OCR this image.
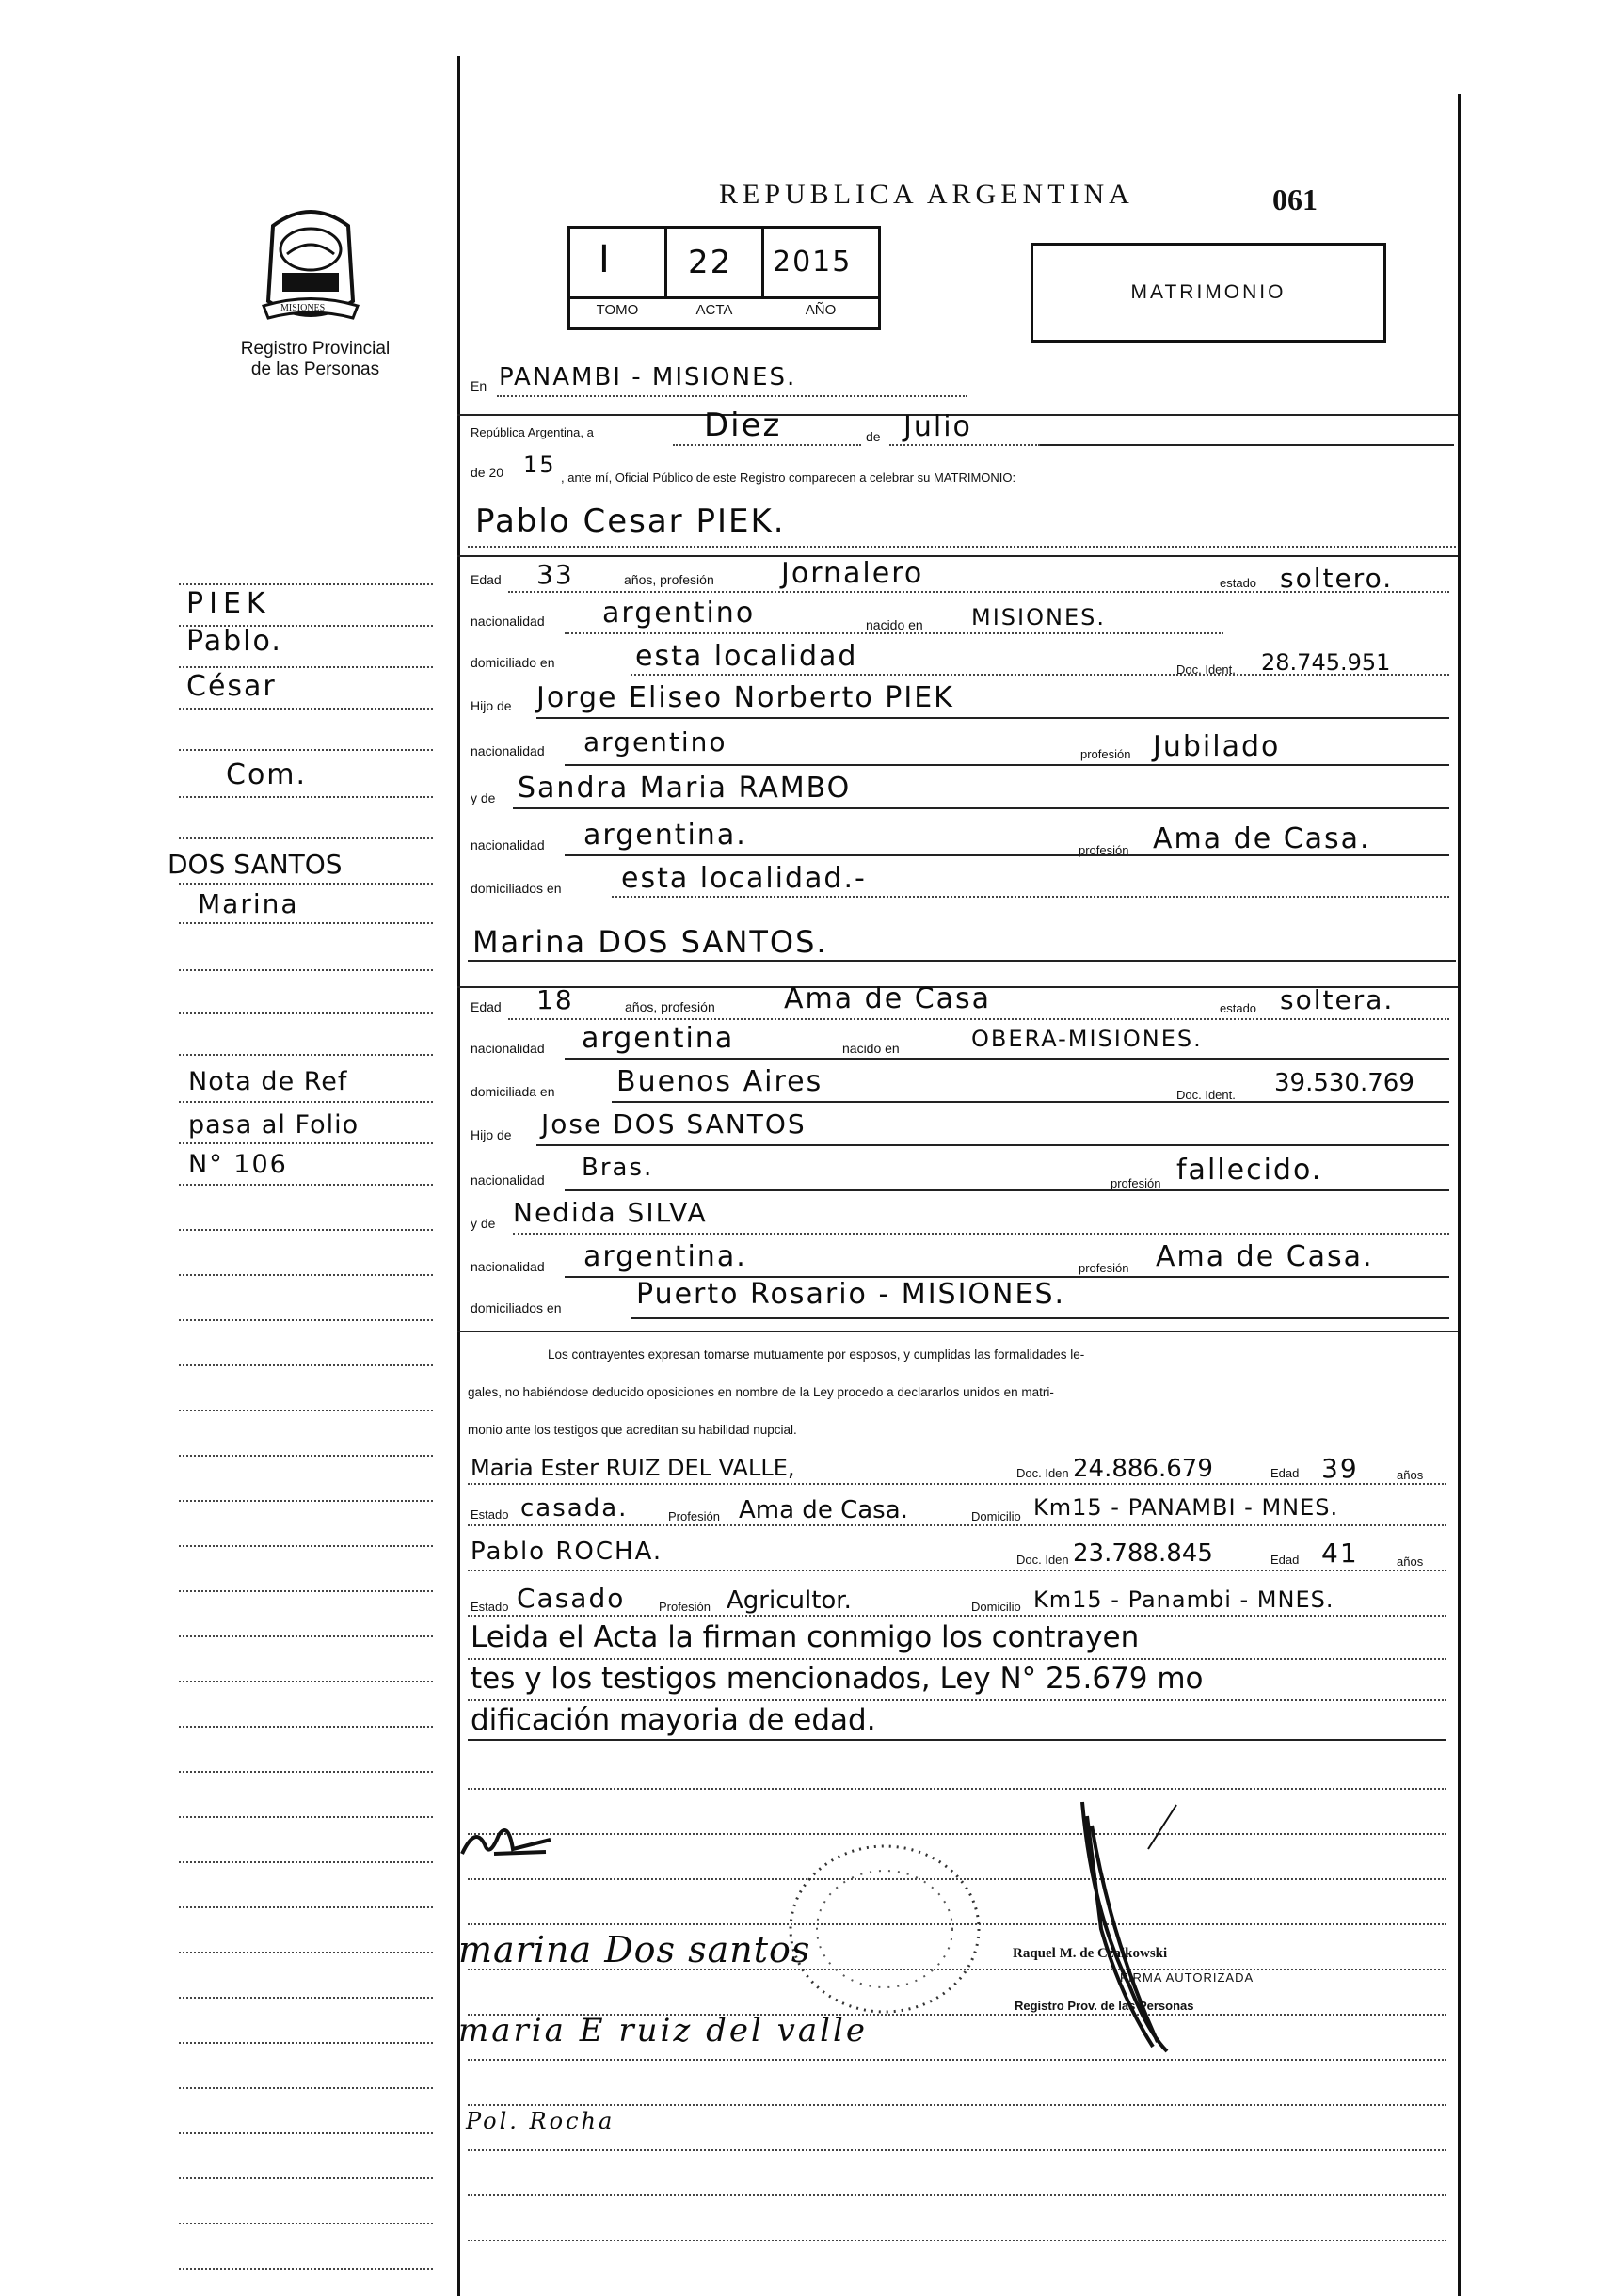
MISIONES
Registro Provincial
de las Personas
REPUBLICA ARGENTINA	061
I 22 2015
TOMO	ACTA	AÑO
MATRIMONIO
En PANAMBI - MISIONES.
República Argentina, a	Diez	de Julio
de 20 15 , ante mí, Oficial Público de este Registro comparecen a celebrar su MATRIMONIO:
Pablo Cesar PIEK.
Edad 33	años, profesión Jornalero	estado soltero.
nacionalidad argentino	nacido en MISIONES.
domiciliado en	esta localidad	Doc. Ident. 28.745.951
Hijo de Jorge Eliseo Norberto PIEK
nacionalidad argentino	profesión Jubilado
y de Sandra Maria RAMBO
nacionalidad argentina.	profesión Ama de Casa.
domiciliados en esta localidad.-
Marina DOS SANTOS.
Edad 18	años, profesión Ama de Casa	estado soltera.
nacionalidad argentina	nacido en	OBERA-MISIONES.
domiciliada en Buenos Aires	Doc. Ident. 39.530.769
Hijo de Jose DOS SANTOS
nacionalidad Bras.
profesión fallecido.
y de Nedida SILVA
nacionalidad argentina.	profesión Ama de Casa.
domiciliados en	Puerto Rosario - MISIONES.
Los contrayentes expresan tomarse mutuamente por esposos, y cumplidas las formalidades le-
gales, no habiéndose deducido oposiciones en nombre de la Ley procedo a declararlos unidos en matri-
monio ante los testigos que acreditan su habilidad nupcial.
Maria Ester RUIZ DEL VALLE,	Doc. Iden 24.886.679	Edad 39	años
Estado casada.	Profesión Ama de Casa.	Domicilio Km15 - PANAMBI - MNES.
Pablo ROCHA.	Doc. Iden 23.788.845	Edad 41	años
Estado Casado	Profesión Agricultor.	Domicilio Km15 - Panambi - MNES.
Leida el Acta la firman conmigo los contrayen
tes y los testigos mencionados, Ley N° 25.679 mo
dificación mayoria de edad.
Raquel M. de Czaikowski
FIRMA AUTORIZADA
Registro Prov. de las Personas
marina Dos santos
maria E ruiz del valle
Pol. Rocha
PIEK
Pablo.
César
Com.
DOS SANTOS
Marina
Nota de Ref
pasa al Folio
N° 106
